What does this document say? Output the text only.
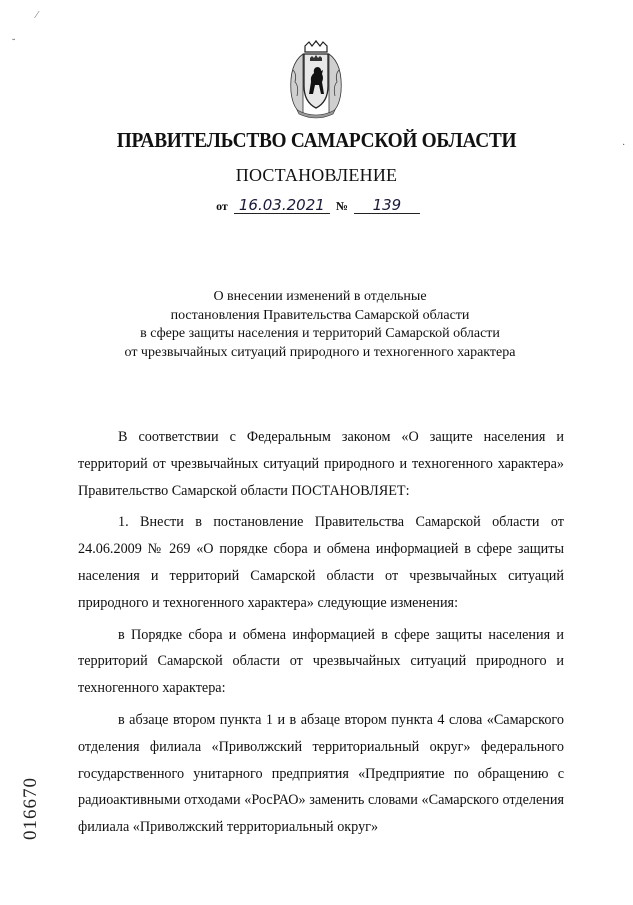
⁄
˘
·
ПРАВИТЕЛЬСТВО САМАРСКОЙ ОБЛАСТИ
ПОСТАНОВЛЕНИЕ
от 16.03.2021 № 139
О внесении изменений в отдельные
постановления Правительства Самарской области
в сфере защиты населения и территорий Самарской области
от чрезвычайных ситуаций природного и техногенного характера

В соответствии с Федеральным законом «О защите населения и территорий от чрезвычайных ситуаций природного и техногенного характера» Правительство Самарской области ПОСТАНОВЛЯЕТ:

1. Внести в постановление Правительства Самарской области от 24.06.2009 № 269 «О порядке сбора и обмена информацией в сфере защиты населения и территорий Самарской области от чрезвычайных ситуаций природного и техногенного характера» следующие изменения:

в Порядке сбора и обмена информацией в сфере защиты населения и территорий Самарской области от чрезвычайных ситуаций природного и техногенного характера:

в абзаце втором пункта 1 и в абзаце втором пункта 4 слова «Самарского отделения филиала «Приволжский территориальный округ» федерального государственного унитарного предприятия «Предприятие по обращению с радиоактивными отходами «РосРАО» заменить словами «Самарского отделения филиала «Приволжский территориальный округ»

016670
